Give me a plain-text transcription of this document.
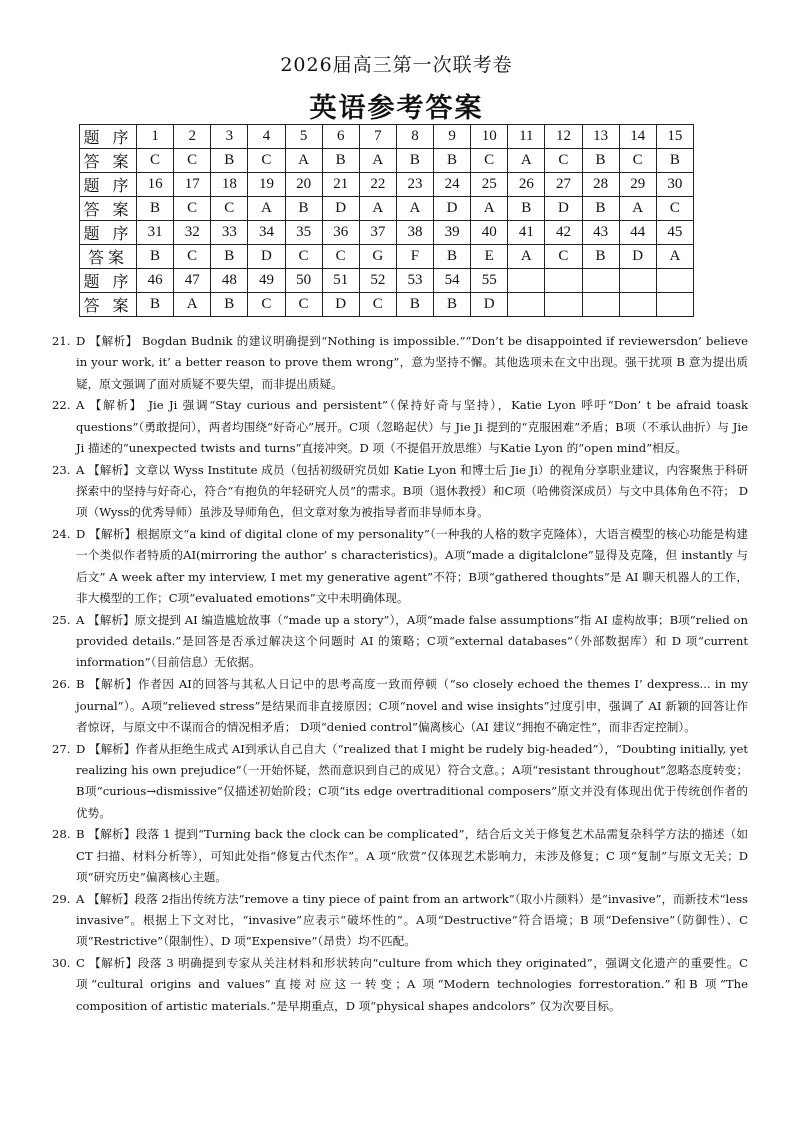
2026届高三第一次联考卷
英语参考答案
题 序	1	2	3	4	5	6	7	8	9	10	11	12	13	14	15
答 案	C	C	B	C	A	B	A	B	B	C	A	C	B	C	B
题 序	16	17	18	19	20	21	22	23	24	25	26	27	28	29	30
答 案	B	C	C	A	B	D	A	A	D	A	B	D	B	A	C
题 序	31	32	33	34	35	36	37	38	39	40	41	42	43	44	45
答案	B	C	B	D	C	C	G	F	B	E	A	C	B	D	A
题 序	46	47	48	49	50	51	52	53	54	55					
答 案	B	A	B	C	C	D	C	B	B	D					
21. D 【解析】 Bogdan Budnik 的建议明确提到“Nothing is impossible.”“Don’t be disappointed if reviewersdon’ believe in your work, it’ a better reason to prove them wrong”，意为坚持不懈。其他选项未在文中出现。强干扰项 B 意为提出质疑，原文强调了面对质疑不要失望，而非提出质疑。
22. A 【解析】 Jie Ji 强调“Stay curious and persistent”（保持好奇与坚持），Katie Lyon 呼吁“Don’ t be afraid toask questions”（勇敢提问），两者均围绕“好奇心”展开。C项（忽略起伏）与 Jie Ji 提到的“克服困难”矛盾；B项（不承认曲折）与 Jie Ji 描述的“unexpected twists and turns”直接冲突。D 项（不提倡开放思维）与Katie Lyon 的“open mind”相反。
23. A 【解析】文章以 Wyss Institute 成员（包括初级研究员如 Katie Lyon 和博士后 Jie Ji）的视角分享职业建议，内容聚焦于科研探索中的坚持与好奇心，符合“有抱负的年轻研究人员”的需求。B项（退休教授）和C项（哈佛资深成员）与文中具体角色不符； D项（Wyss的优秀导师）虽涉及导师角色，但文章对象为被指导者而非导师本身。
24. D 【解析】根据原文“a kind of digital clone of my personality”（一种我的人格的数字克隆体），大语言模型的核心功能是构建一个类似作者特质的AI(mirroring the author’ s characteristics)。A项“made a digitalclone”显得及克隆，但 instantly 与后文” A week after my interview, I met my generative agent”不符；B项“gathered thoughts”是 AI 聊天机器人的工作，非大模型的工作；C项“evaluated emotions”文中未明确体现。
25. A 【解析】原文提到 AI 编造尴尬故事（“made up a story”），A项“made false assumptions”指 AI 虚构故事；B项“relied on provided details.”是回答是否承过解决这个问题时 AI 的策略；C项“external databases”（外部数据库）和 D 项“current information”（目前信息）无依据。
26. B 【解析】作者因 AI的回答与其私人日记中的思考高度一致而停顿（“so closely echoed the themes I’ dexpress... in my journal”）。A项“relieved stress”是结果而非直接原因；C项“novel and wise insights”过度引申，强调了 AI 新颖的回答让作者惊讶，与原文中不谋而合的情况相矛盾； D项“denied control”偏离核心（AI 建议“拥抱不确定性”，而非否定控制）。
27. D 【解析】作者从拒绝生成式 AI到承认自己自大（“realized that I might be rudely big-headed”），“Doubting initially, yet realizing his own prejudice”（一开始怀疑，然而意识到自己的成见）符合文意。；A项“resistant throughout”忽略态度转变；B项“curious→dismissive”仅描述初始阶段；C项“its edge overtraditional composers”原文并没有体现出优于传统创作者的优势。
28. B 【解析】段落 1 提到“Turning back the clock can be complicated”，结合后文关于修复艺术品需复杂科学方法的描述（如 CT 扫描、材料分析等），可知此处指“修复古代杰作”。A 项“欣赏”仅体现艺术影响力，未涉及修复；C 项“复制”与原文无关；D 项“研究历史”偏离核心主题。
29. A 【解析】段落 2指出传统方法“remove a tiny piece of paint from an artwork”（取小片颜料）是“invasive”，而新技术“less invasive”。根据上下文对比，“invasive”应表示“破坏性的”。A项“Destructive”符合语境；B 项“Defensive”（防御性）、C 项“Restrictive”（限制性）、D 项“Expensive”（昂贵）均不匹配。
30. C 【解析】段落 3 明确提到专家从关注材料和形状转向“culture from which they originated”，强调文化遗产的重要性。C 项“cultural origins and values”直接对应这一转变；A 项“Modern technologies forrestoration.”和B 项“The composition of artistic materials.”是早期重点，D 项“physical shapes andcolors” 仅为次要目标。
